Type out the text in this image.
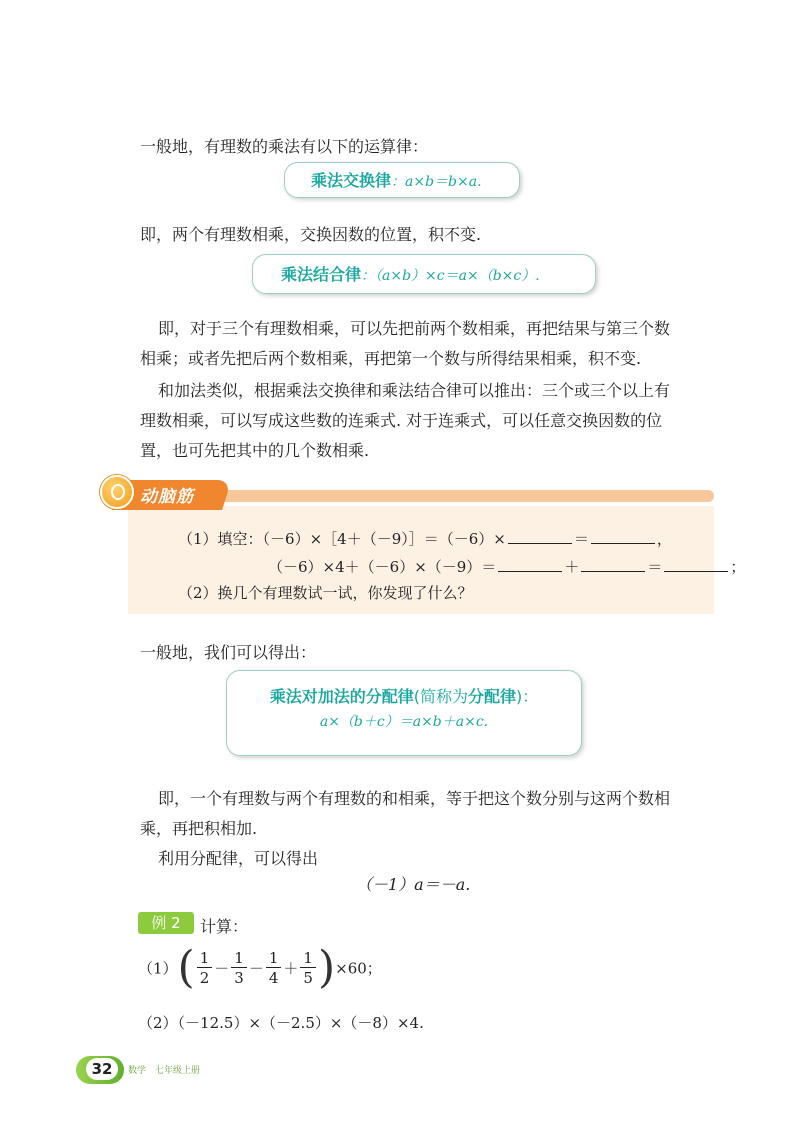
一般地，有理数的乘法有以下的运算律：
乘法交换律：a×b＝b×a.
即，两个有理数相乘，交换因数的位置，积不变.
乘法结合律：（a×b）×c＝a×（b×c）.
即，对于三个有理数相乘，可以先把前两个数相乘，再把结果与第三个数
相乘；或者先把后两个数相乘，再把第一个数与所得结果相乘，积不变.
和加法类似，根据乘法交换律和乘法结合律可以推出：三个或三个以上有
理数相乘，可以写成这些数的连乘式. 对于连乘式，可以任意交换因数的位
置，也可先把其中的几个数相乘.
动脑筋
（1）填空：（－6）×［4＋（－9）］＝（－6）×	＝	，
（－6）×4＋（－6）×（－9）＝	＋	＝	；
（2）换几个有理数试一试，你发现了什么？
一般地，我们可以得出：
乘法对加法的分配律(简称为分配律)：
a×（b＋c）＝a×b＋a×c.
即，一个有理数与两个有理数的和相乘，等于把这个数分别与这两个数相
乘，再把积相加.
利用分配律，可以得出
（－1）a＝－a.
例 2	计算：
$(1)( \frac{1}{2} - \frac{1}{3} - \frac{1}{4} + \frac{1}{5} )\times 60$；
（2）（－12.5）×（－2.5）×（－8）×4.
32	数学　七年级上册
